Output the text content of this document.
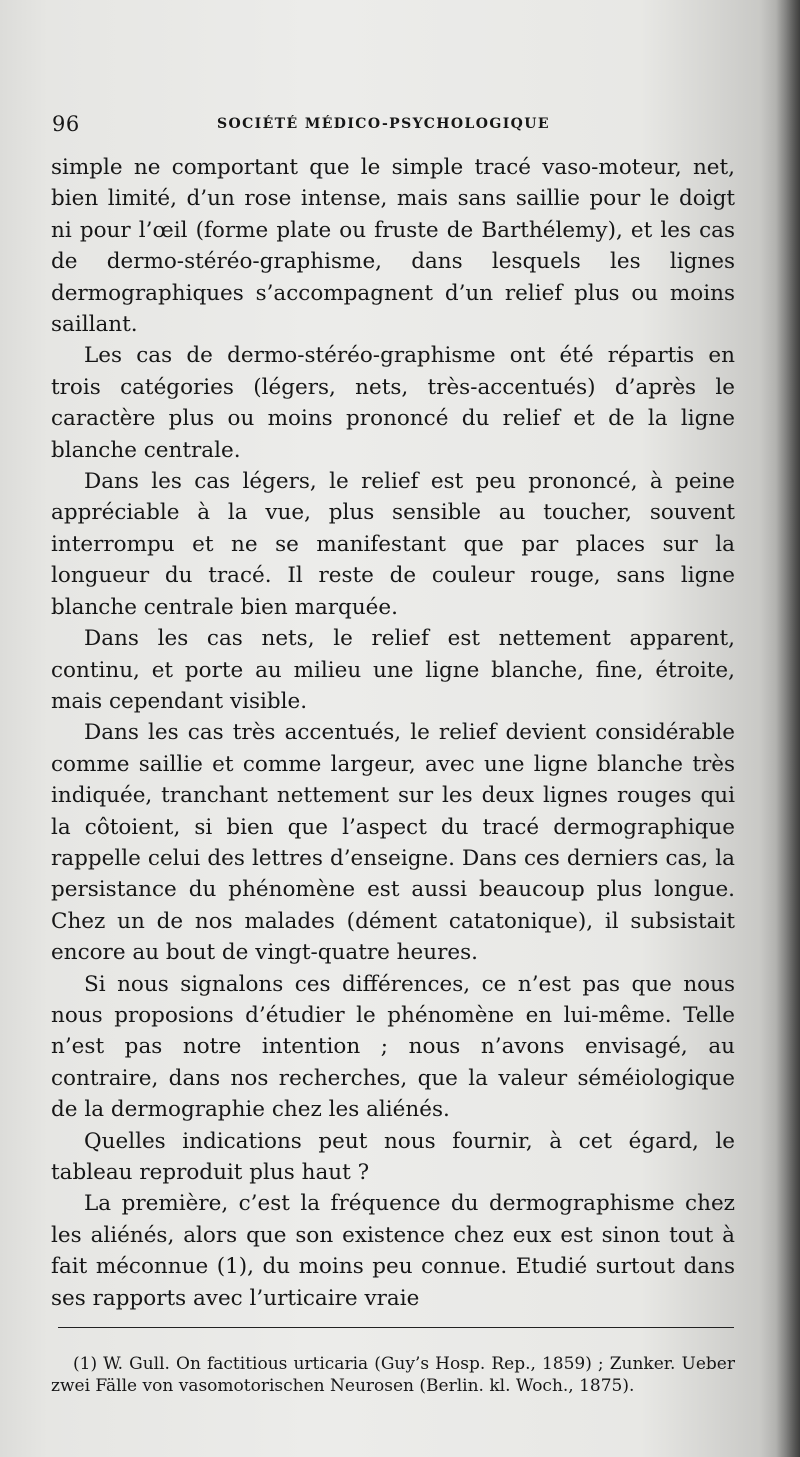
96	SOCIÉTÉ MÉDICO-PSYCHOLOGIQUE

simple ne comportant que le simple tracé vaso-moteur, net, bien limité, d’un rose intense, mais sans saillie pour le doigt ni pour l’œil (forme plate ou fruste de Barthélemy), et les cas de dermo-stéréo-graphisme, dans lesquels les lignes dermographiques s’accompagnent d’un relief plus ou moins saillant.

Les cas de dermo-stéréo-graphisme ont été répartis en trois catégories (légers, nets, très-accentués) d’après le caractère plus ou moins prononcé du relief et de la ligne blanche centrale.

Dans les cas légers, le relief est peu prononcé, à peine appréciable à la vue, plus sensible au toucher, souvent interrompu et ne se manifestant que par places sur la longueur du tracé. Il reste de couleur rouge, sans ligne blanche centrale bien marquée.

Dans les cas nets, le relief est nettement apparent, continu, et porte au milieu une ligne blanche, fine, étroite, mais cependant visible.

Dans les cas très accentués, le relief devient considérable comme saillie et comme largeur, avec une ligne blanche très indiquée, tranchant nettement sur les deux lignes rouges qui la côtoient, si bien que l’aspect du tracé dermographique rappelle celui des lettres d’enseigne. Dans ces derniers cas, la persistance du phénomène est aussi beaucoup plus longue. Chez un de nos malades (dément catatonique), il subsistait encore au bout de vingt-quatre heures.

Si nous signalons ces différences, ce n’est pas que nous nous proposions d’étudier le phénomène en lui-même. Telle n’est pas notre intention ; nous n’avons envisagé, au contraire, dans nos recherches, que la valeur séméiologique de la dermographie chez les aliénés.

Quelles indications peut nous fournir, à cet égard, le tableau reproduit plus haut ?

La première, c’est la fréquence du dermographisme chez les aliénés, alors que son existence chez eux est sinon tout à fait méconnue (1), du moins peu connue. Etudié surtout dans ses rapports avec l’urticaire vraie

(1) W. Gull. On factitious urticaria (Guy’s Hosp. Rep., 1859) ; Zunker. Ueber zwei Fälle von vasomotorischen Neurosen (Berlin. kl. Woch., 1875).
